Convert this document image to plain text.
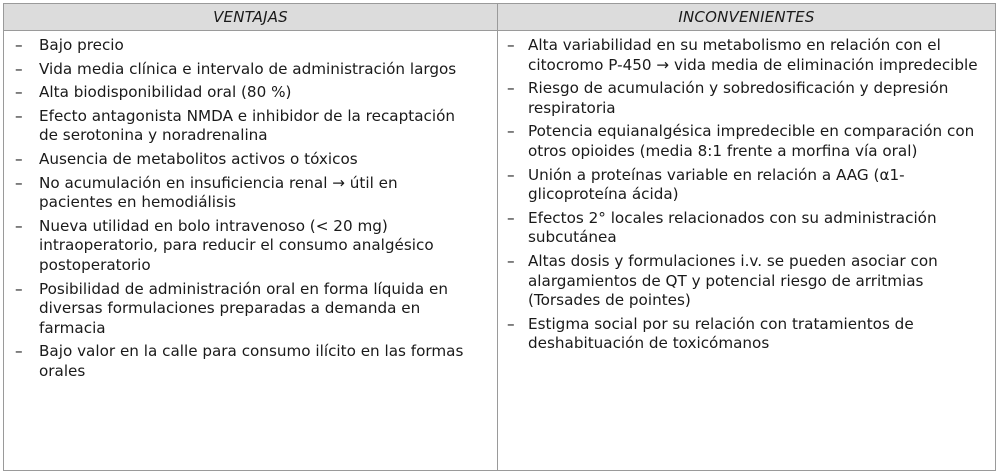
VENTAJAS	INCONVENIENTES
– Bajo precio
– Vida media clínica e intervalo de administración largos
– Alta biodisponibilidad oral (80 %)
– Efecto antagonista NMDA e inhibidor de la recaptación de serotonina y noradrenalina
– Ausencia de metabolitos activos o tóxicos
– No acumulación en insuficiencia renal → útil en pacientes en hemodiálisis
– Nueva utilidad en bolo intravenoso (< 20 mg) intraoperatorio, para reducir el consumo analgésico postoperatorio
– Posibilidad de administración oral en forma líquida en diversas formulaciones preparadas a demanda en farmacia
– Bajo valor en la calle para consumo ilícito en las formas orales
– Alta variabilidad en su metabolismo en relación con el citocromo P-450 → vida media de eliminación impredecible
– Riesgo de acumulación y sobredosificación y depresión respiratoria
– Potencia equianalgésica impredecible en comparación con otros opioides (media 8:1 frente a morfina vía oral)
– Unión a proteínas variable en relación a AAG (α1-glicoproteína ácida)
– Efectos 2° locales relacionados con su administración subcutánea
– Altas dosis y formulaciones i.v. se pueden asociar con alargamientos de QT y potencial riesgo de arritmias (Torsades de pointes)
– Estigma social por su relación con tratamientos de deshabituación de toxicómanos
